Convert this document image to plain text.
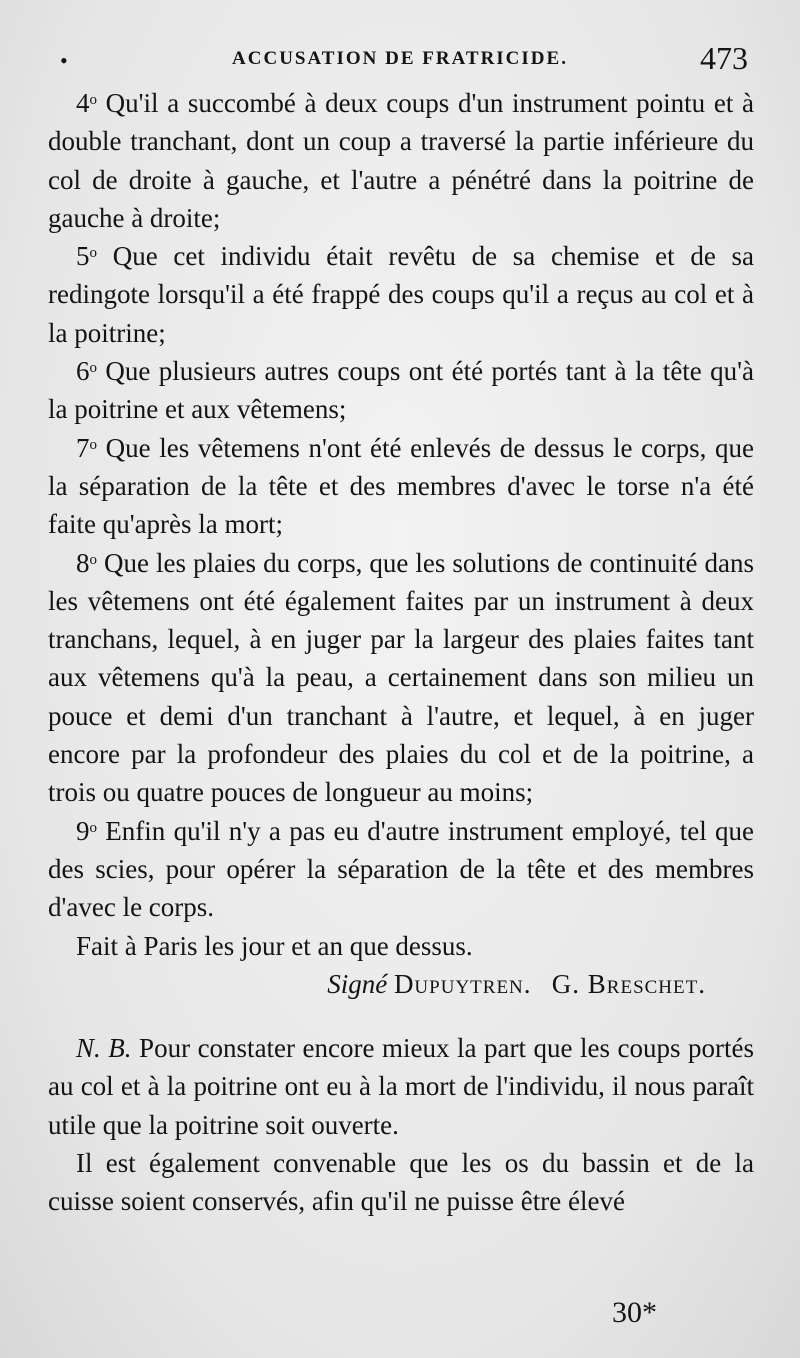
•	ACCUSATION DE FRATRICIDE.	473

4$^o$ Qu'il a succombé à deux coups d'un instrument pointu et à double tranchant, dont un coup a traversé la partie inférieure du col de droite à gauche, et l'autre a pénétré dans la poitrine de gauche à droite;

5$^o$ Que cet individu était revêtu de sa chemise et de sa redingote lorsqu'il a été frappé des coups qu'il a reçus au col et à la poitrine;

6$^o$ Que plusieurs autres coups ont été portés tant à la tête qu'à la poitrine et aux vêtemens;

7$^o$ Que les vêtemens n'ont été enlevés de dessus le corps, que la séparation de la tête et des membres d'avec le torse n'a été faite qu'après la mort;

8$^o$ Que les plaies du corps, que les solutions de continuité dans les vêtemens ont été également faites par un instrument à deux tranchans, lequel, à en juger par la largeur des plaies faites tant aux vêtemens qu'à la peau, a certainement dans son milieu un pouce et demi d'un tranchant à l'autre, et lequel, à en juger encore par la profondeur des plaies du col et de la poitrine, a trois ou quatre pouces de longueur au moins;

9$^o$ Enfin qu'il n'y a pas eu d'autre instrument employé, tel que des scies, pour opérer la séparation de la tête et des membres d'avec le corps.

Fait à Paris les jour et an que dessus.

Signé Dupuytren. G. Breschet.

N. B. Pour constater encore mieux la part que les coups portés au col et à la poitrine ont eu à la mort de l'individu, il nous paraît utile que la poitrine soit ouverte.

Il est également convenable que les os du bassin et de la cuisse soient conservés, afin qu'il ne puisse être élevé

30*
